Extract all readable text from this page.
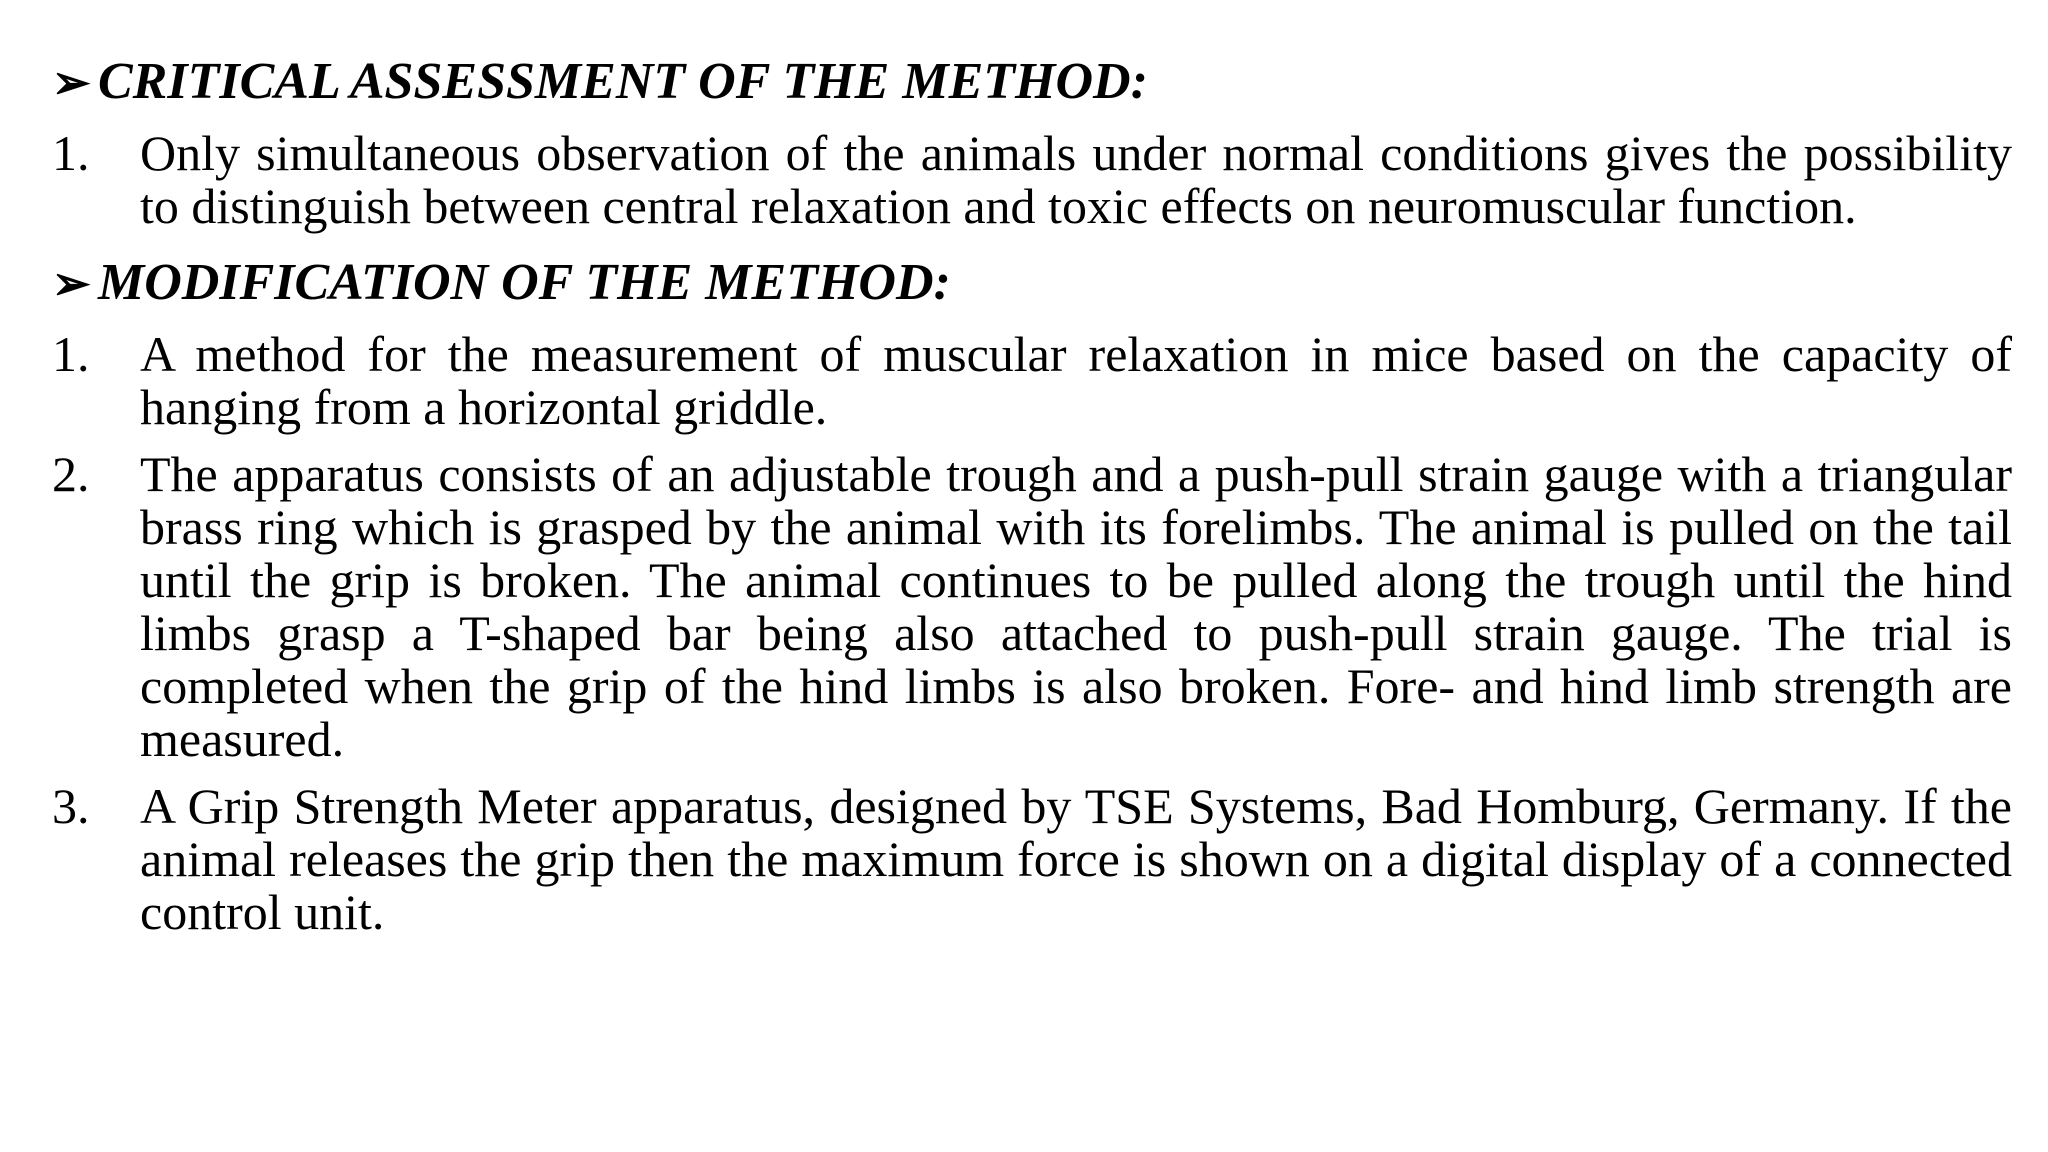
➢ CRITICAL ASSESSMENT OF THE METHOD:
1.	Only simultaneous observation of the animals under normal conditions gives the possibility to distinguish between central relaxation and toxic effects on neuromuscular function.
➢ MODIFICATION OF THE METHOD:
1.	A method for the measurement of muscular relaxation in mice based on the capacity of hanging from a horizontal griddle.
2.	The apparatus consists of an adjustable trough and a push-pull strain gauge with a triangular brass ring which is grasped by the animal with its forelimbs. The animal is pulled on the tail until the grip is broken. The animal continues to be pulled along the trough until the hind limbs grasp a T-shaped bar being also attached to push-pull strain gauge. The trial is completed when the grip of the hind limbs is also broken. Fore- and hind limb strength are measured.
3.	A Grip Strength Meter apparatus, designed by TSE Systems, Bad Homburg, Germany. If the animal releases the grip then the maximum force is shown on a digital display of a connected control unit.
